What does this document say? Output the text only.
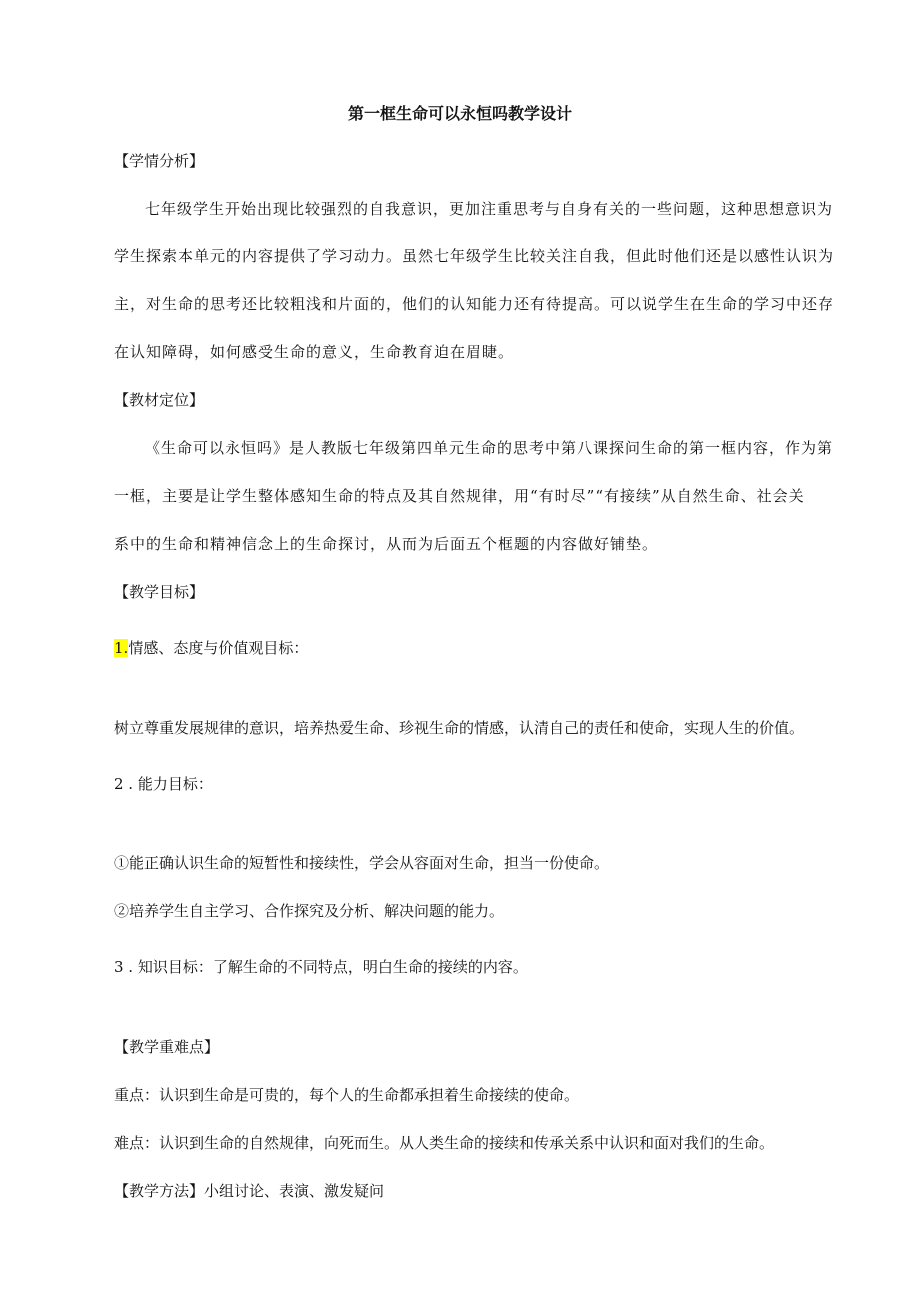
第一框生命可以永恒吗教学设计
【学情分析】
七年级学生开始出现比较强烈的自我意识，更加注重思考与自身有关的一些问题，这种思想意识为
学生探索本单元的内容提供了学习动力。虽然七年级学生比较关注自我，但此时他们还是以感性认识为
主，对生命的思考还比较粗浅和片面的，他们的认知能力还有待提高。可以说学生在生命的学习中还存
在认知障碍，如何感受生命的意义，生命教育迫在眉睫。
【教材定位】
《生命可以永恒吗》是人教版七年级第四单元生命的思考中第八课探问生命的第一框内容，作为第
一框，主要是让学生整体感知生命的特点及其自然规律，用“有时尽”“有接续”从自然生命、社会关
系中的生命和精神信念上的生命探讨，从而为后面五个框题的内容做好铺垫。
【教学目标】
1.情感、态度与价值观目标：
树立尊重发展规律的意识，培养热爱生命、珍视生命的情感，认清自己的责任和使命，实现人生的价值。
2 . 能力目标：
①能正确认识生命的短暂性和接续性，学会从容面对生命，担当一份使命。
②培养学生自主学习、合作探究及分析、解决问题的能力。
3 . 知识目标：了解生命的不同特点，明白生命的接续的内容。
【教学重难点】
重点：认识到生命是可贵的，每个人的生命都承担着生命接续的使命。
难点：认识到生命的自然规律，向死而生。从人类生命的接续和传承关系中认识和面对我们的生命。
【教学方法】小组讨论、表演、激发疑问
